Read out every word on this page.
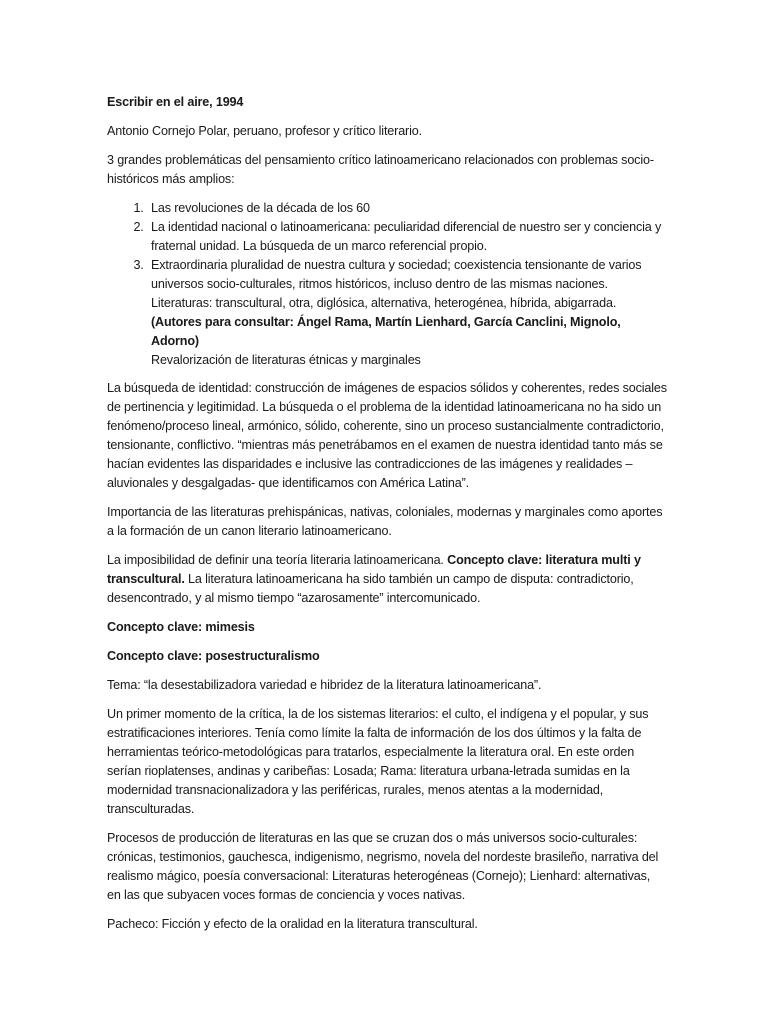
Escribir en el aire, 1994

Antonio Cornejo Polar, peruano, profesor y crítico literario.

3 grandes problemáticas del pensamiento crítico latinoamericano relacionados con problemas socio-históricos más amplios:

1. Las revoluciones de la década de los 60
2. La identidad nacional o latinoamericana: peculiaridad diferencial de nuestro ser y conciencia y fraternal unidad. La búsqueda de un marco referencial propio.
3. Extraordinaria pluralidad de nuestra cultura y sociedad; coexistencia tensionante de varios universos socio-culturales, ritmos históricos, incluso dentro de las mismas naciones.
Literaturas: transcultural, otra, diglósica, alternativa, heterogénea, híbrida, abigarrada.
(Autores para consultar: Ángel Rama, Martín Lienhard, García Canclini, Mignolo, Adorno)
Revalorización de literaturas étnicas y marginales

La búsqueda de identidad: construcción de imágenes de espacios sólidos y coherentes, redes sociales de pertinencia y legitimidad. La búsqueda o el problema de la identidad latinoamericana no ha sido un fenómeno/proceso lineal, armónico, sólido, coherente, sino un proceso sustancialmente contradictorio, tensionante, conflictivo. “mientras más penetrábamos en el examen de nuestra identidad tanto más se hacían evidentes las disparidades e inclusive las contradicciones de las imágenes y realidades –aluvionales y desgalgadas- que identificamos con América Latina”.

Importancia de las literaturas prehispánicas, nativas, coloniales, modernas y marginales como aportes a la formación de un canon literario latinoamericano.

La imposibilidad de definir una teoría literaria latinoamericana. Concepto clave: literatura multi y transcultural. La literatura latinoamericana ha sido también un campo de disputa: contradictorio, desencontrado, y al mismo tiempo “azarosamente” intercomunicado.

Concepto clave: mimesis

Concepto clave: posestructuralismo

Tema: “la desestabilizadora variedad e hibridez de la literatura latinoamericana”.

Un primer momento de la crítica, la de los sistemas literarios: el culto, el indígena y el popular, y sus estratificaciones interiores. Tenía como límite la falta de información de los dos últimos y la falta de herramientas teórico-metodológicas para tratarlos, especialmente la literatura oral. En este orden serían rioplatenses, andinas y caribeñas: Losada; Rama: literatura urbana-letrada sumidas en la modernidad transnacionalizadora y las periféricas, rurales, menos atentas a la modernidad, transculturadas.

Procesos de producción de literaturas en las que se cruzan dos o más universos socio-culturales: crónicas, testimonios, gauchesca, indigenismo, negrismo, novela del nordeste brasileño, narrativa del realismo mágico, poesía conversacional: Literaturas heterogéneas (Cornejo); Lienhard: alternativas, en las que subyacen voces formas de conciencia y voces nativas.

Pacheco: Ficción y efecto de la oralidad en la literatura transcultural.
